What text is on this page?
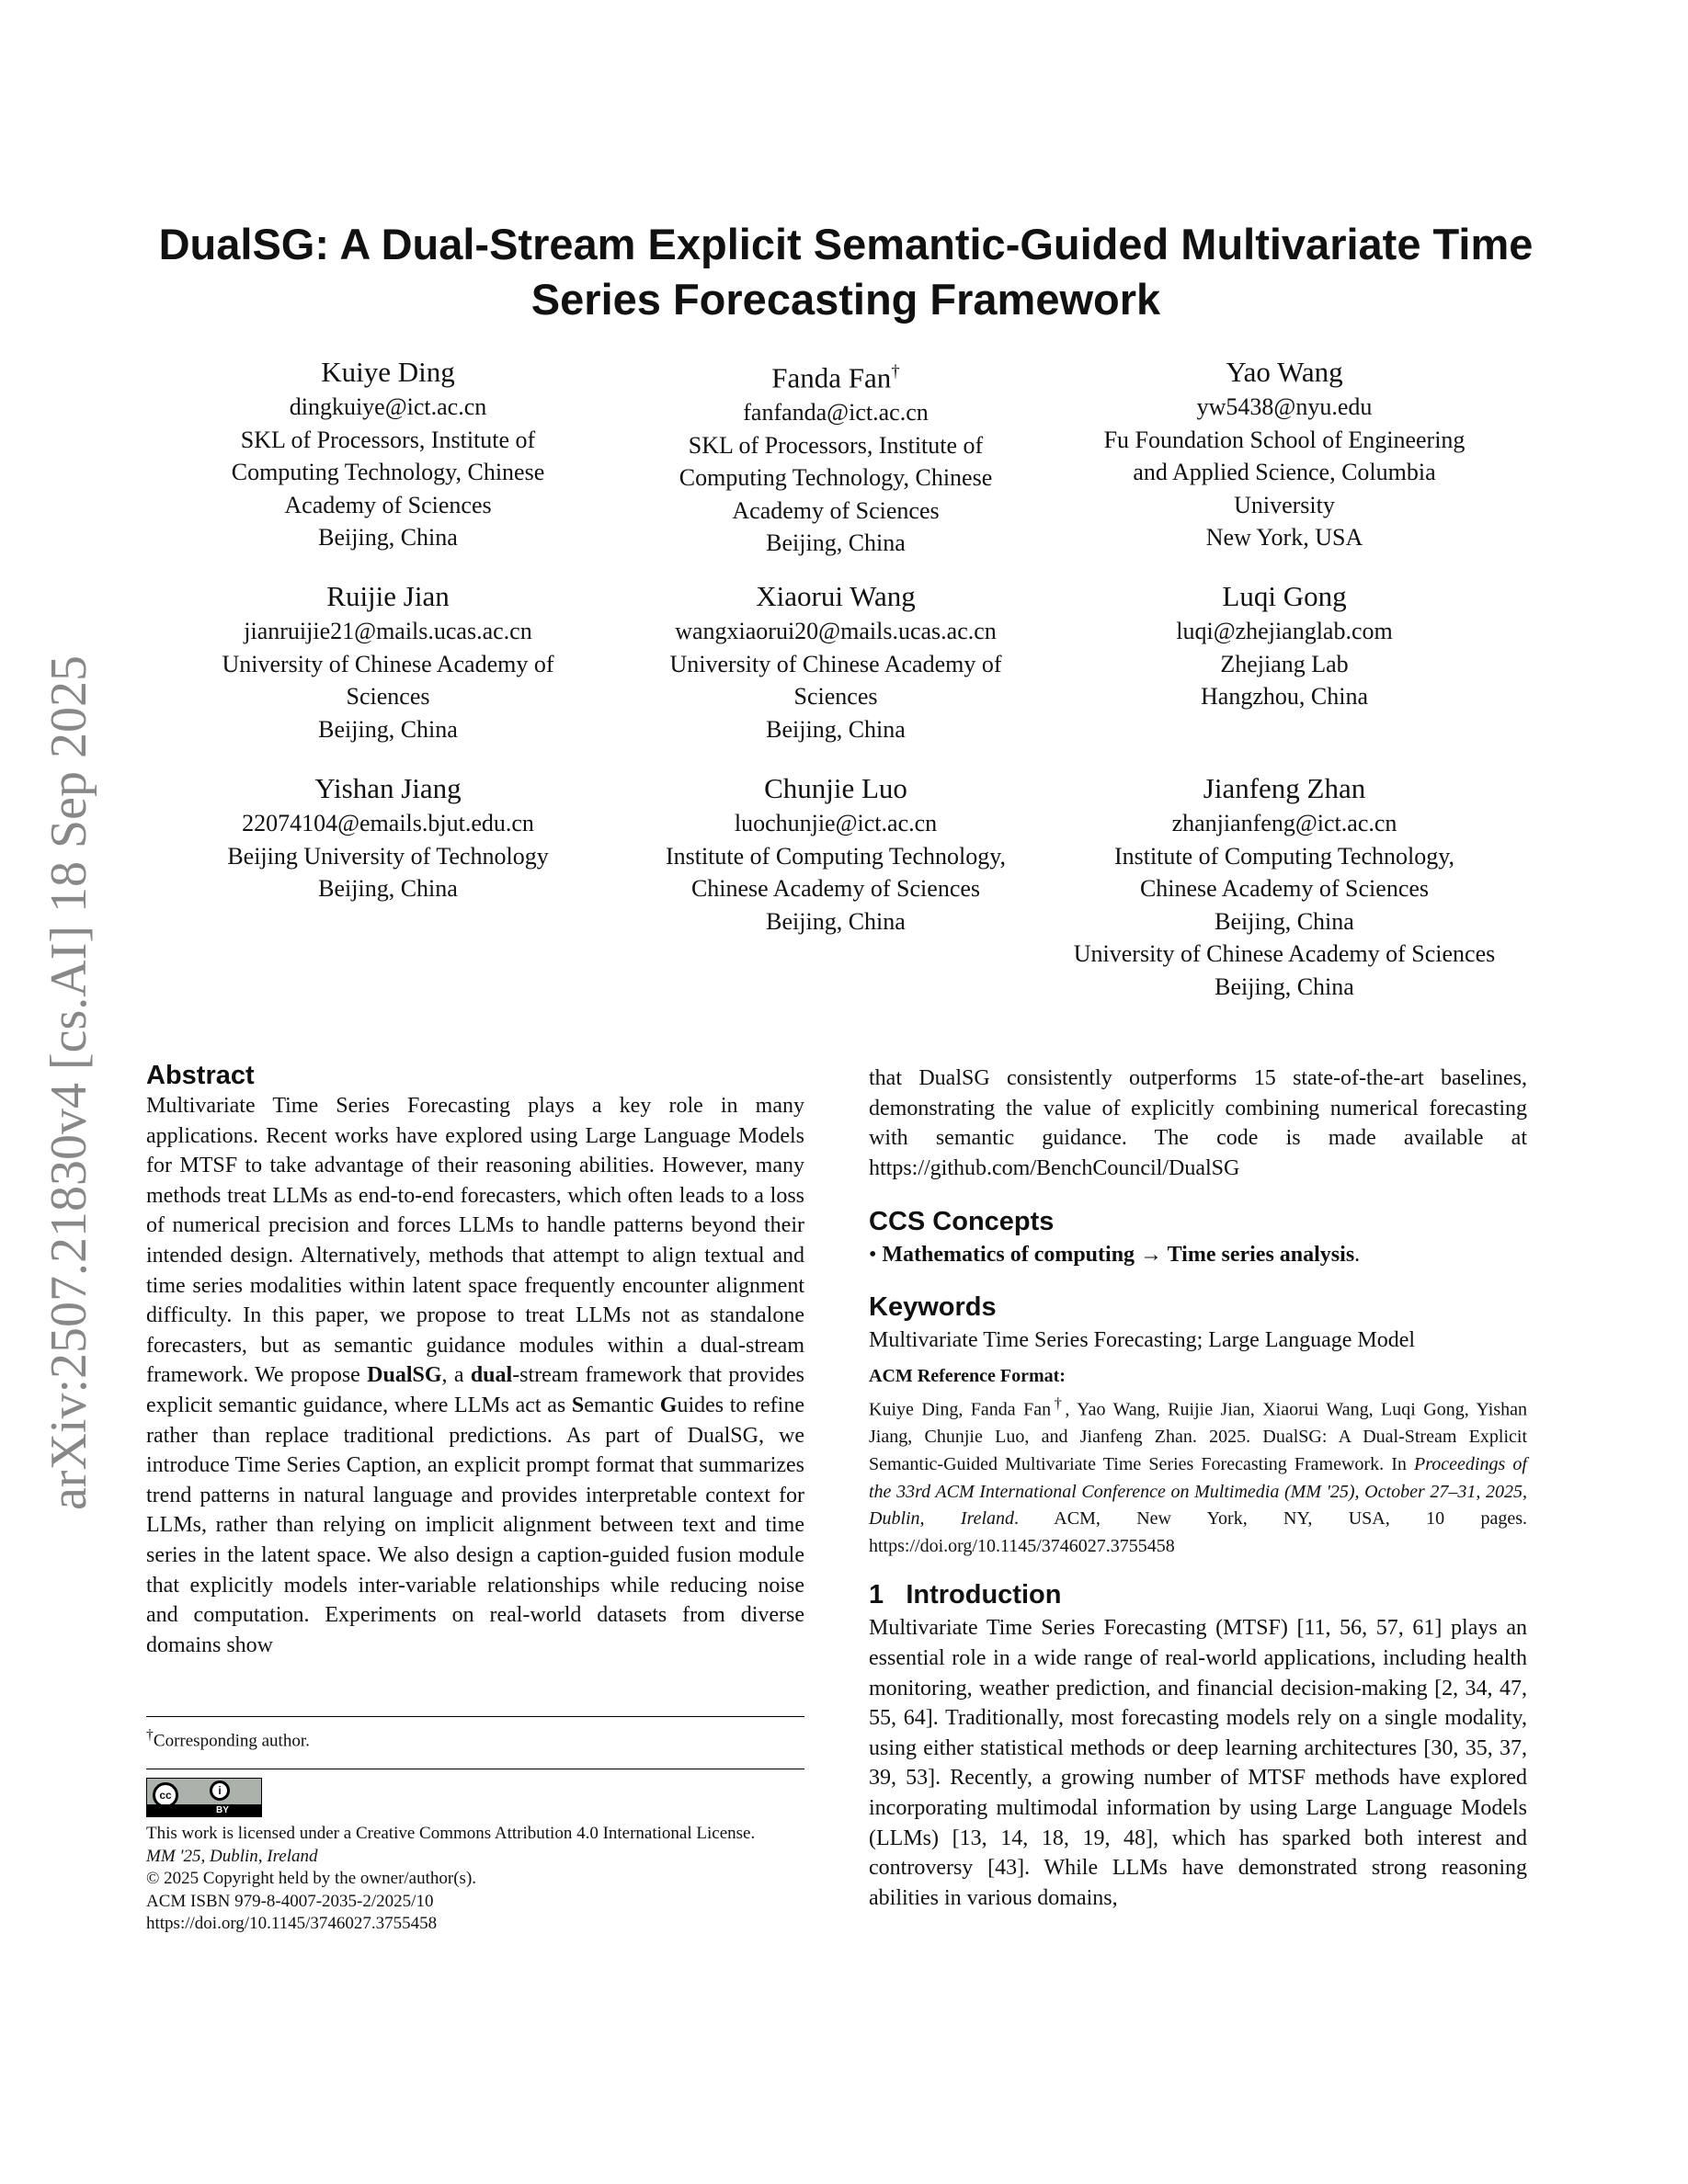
arXiv:2507.21830v4 [cs.AI] 18 Sep 2025
DualSG: A Dual-Stream Explicit Semantic-Guided Multivariate Time Series Forecasting Framework
Kuiye Ding
dingkuiye@ict.ac.cn
SKL of Processors, Institute of Computing Technology, Chinese Academy of Sciences
Beijing, China
Fanda Fan†
fanfanda@ict.ac.cn
SKL of Processors, Institute of Computing Technology, Chinese Academy of Sciences
Beijing, China
Yao Wang
yw5438@nyu.edu
Fu Foundation School of Engineering and Applied Science, Columbia University
New York, USA
Ruijie Jian
jianruijie21@mails.ucas.ac.cn
University of Chinese Academy of Sciences
Beijing, China
Xiaorui Wang
wangxiaorui20@mails.ucas.ac.cn
University of Chinese Academy of Sciences
Beijing, China
Luqi Gong
luqi@zhejianglab.com
Zhejiang Lab
Hangzhou, China
Yishan Jiang
22074104@emails.bjut.edu.cn
Beijing University of Technology
Beijing, China
Chunjie Luo
luochunjie@ict.ac.cn
Institute of Computing Technology, Chinese Academy of Sciences
Beijing, China
Jianfeng Zhan
zhanjianfeng@ict.ac.cn
Institute of Computing Technology, Chinese Academy of Sciences
Beijing, China
University of Chinese Academy of Sciences
Beijing, China
Abstract
Multivariate Time Series Forecasting plays a key role in many applications. Recent works have explored using Large Language Models for MTSF to take advantage of their reasoning abilities. However, many methods treat LLMs as end-to-end forecasters, which often leads to a loss of numerical precision and forces LLMs to handle patterns beyond their intended design. Alternatively, methods that attempt to align textual and time series modalities within latent space frequently encounter alignment difficulty. In this paper, we propose to treat LLMs not as standalone forecasters, but as semantic guidance modules within a dual-stream framework. We propose DualSG, a dual-stream framework that provides explicit semantic guidance, where LLMs act as Semantic Guides to refine rather than replace traditional predictions. As part of DualSG, we introduce Time Series Caption, an explicit prompt format that summarizes trend patterns in natural language and provides interpretable context for LLMs, rather than relying on implicit alignment between text and time series in the latent space. We also design a caption-guided fusion module that explicitly models inter-variable relationships while reducing noise and computation. Experiments on real-world datasets from diverse domains show
†Corresponding author.
cc	i
BY
This work is licensed under a Creative Commons Attribution 4.0 International License.
MM '25, Dublin, Ireland
© 2025 Copyright held by the owner/author(s).
ACM ISBN 979-8-4007-2035-2/2025/10
https://doi.org/10.1145/3746027.3755458
that DualSG consistently outperforms 15 state-of-the-art baselines, demonstrating the value of explicitly combining numerical forecasting with semantic guidance. The code is made available at https://github.com/BenchCouncil/DualSG
CCS Concepts
• Mathematics of computing → Time series analysis.
Keywords
Multivariate Time Series Forecasting; Large Language Model
ACM Reference Format:
Kuiye Ding, Fanda Fan†, Yao Wang, Ruijie Jian, Xiaorui Wang, Luqi Gong, Yishan Jiang, Chunjie Luo, and Jianfeng Zhan. 2025. DualSG: A Dual-Stream Explicit Semantic-Guided Multivariate Time Series Forecasting Framework. In Proceedings of the 33rd ACM International Conference on Multimedia (MM '25), October 27–31, 2025, Dublin, Ireland. ACM, New York, NY, USA, 10 pages. https://doi.org/10.1145/3746027.3755458
1 Introduction
Multivariate Time Series Forecasting (MTSF) [11, 56, 57, 61] plays an essential role in a wide range of real-world applications, including health monitoring, weather prediction, and financial decision-making [2, 34, 47, 55, 64]. Traditionally, most forecasting models rely on a single modality, using either statistical methods or deep learning architectures [30, 35, 37, 39, 53]. Recently, a growing number of MTSF methods have explored incorporating multimodal information by using Large Language Models (LLMs) [13, 14, 18, 19, 48], which has sparked both interest and controversy [43]. While LLMs have demonstrated strong reasoning abilities in various domains,
